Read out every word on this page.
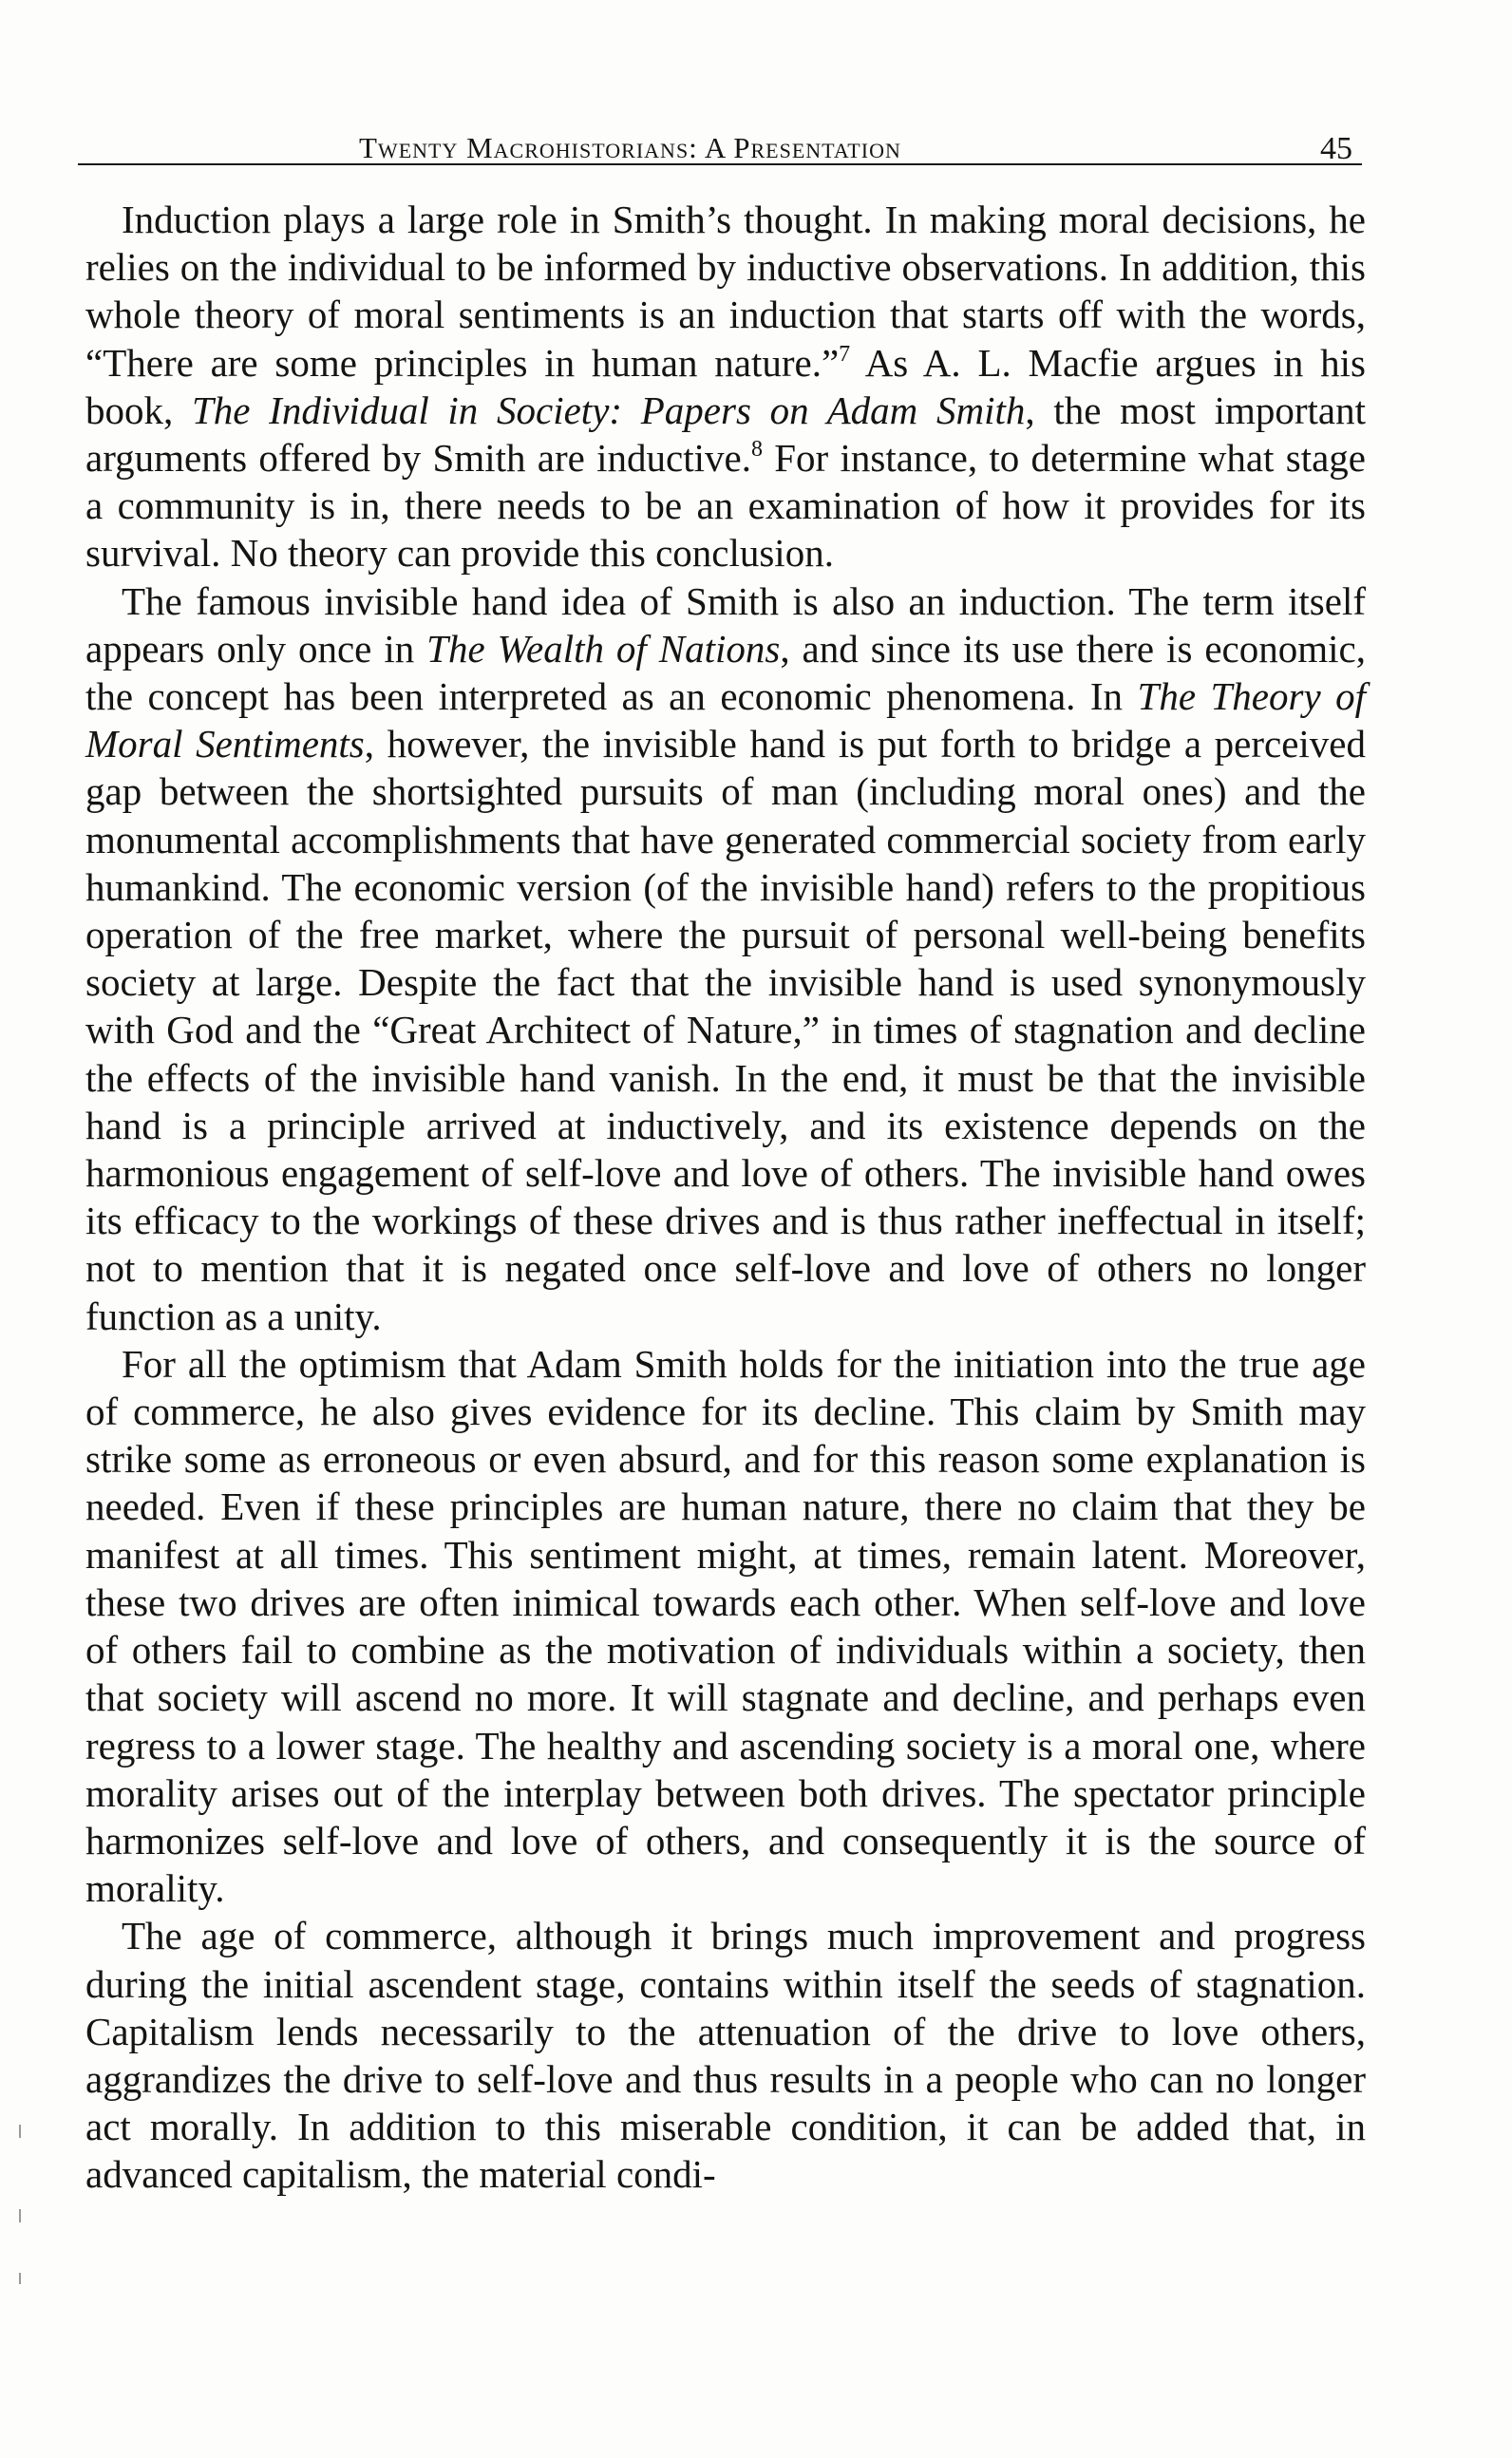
Twenty Macrohistorians: A Presentation	45

Induction plays a large role in Smith’s thought. In making moral decisions, he relies on the individual to be informed by inductive observations. In addition, this whole theory of moral sentiments is an induction that starts off with the words, “There are some principles in human nature.”$^7$ As A. L. Macfie argues in his book, The Individual in Society: Papers on Adam Smith, the most important arguments offered by Smith are inductive.$^8$ For instance, to determine what stage a community is in, there needs to be an examination of how it provides for its survival. No theory can provide this conclusion.

The famous invisible hand idea of Smith is also an induction. The term itself appears only once in The Wealth of Nations, and since its use there is economic, the concept has been interpreted as an economic phenomena. In The Theory of Moral Sentiments, however, the invisible hand is put forth to bridge a perceived gap between the shortsighted pursuits of man (including moral ones) and the monumental accomplishments that have generated commercial society from early humankind. The economic version (of the invisible hand) refers to the propitious operation of the free market, where the pursuit of personal well-being benefits society at large. Despite the fact that the invisible hand is used synonymously with God and the “Great Architect of Nature,” in times of stagnation and decline the effects of the invisible hand vanish. In the end, it must be that the invisible hand is a principle arrived at inductively, and its existence depends on the harmonious engagement of self-love and love of others. The invisible hand owes its efficacy to the workings of these drives and is thus rather ineffectual in itself; not to mention that it is negated once self-love and love of others no longer function as a unity.

For all the optimism that Adam Smith holds for the initiation into the true age of commerce, he also gives evidence for its decline. This claim by Smith may strike some as erroneous or even absurd, and for this reason some explanation is needed. Even if these principles are human nature, there no claim that they be manifest at all times. This sentiment might, at times, remain latent. Moreover, these two drives are often inimical towards each other. When self-love and love of others fail to combine as the motivation of individuals within a society, then that society will ascend no more. It will stagnate and decline, and perhaps even regress to a lower stage. The healthy and ascending society is a moral one, where morality arises out of the interplay between both drives. The spectator principle harmonizes self-love and love of others, and consequently it is the source of morality.

The age of commerce, although it brings much improvement and progress during the initial ascendent stage, contains within itself the seeds of stagnation. Capitalism lends necessarily to the attenuation of the drive to love others, aggrandizes the drive to self-love and thus results in a people who can no longer act morally. In addition to this miserable condition, it can be added that, in advanced capitalism, the material condi-
